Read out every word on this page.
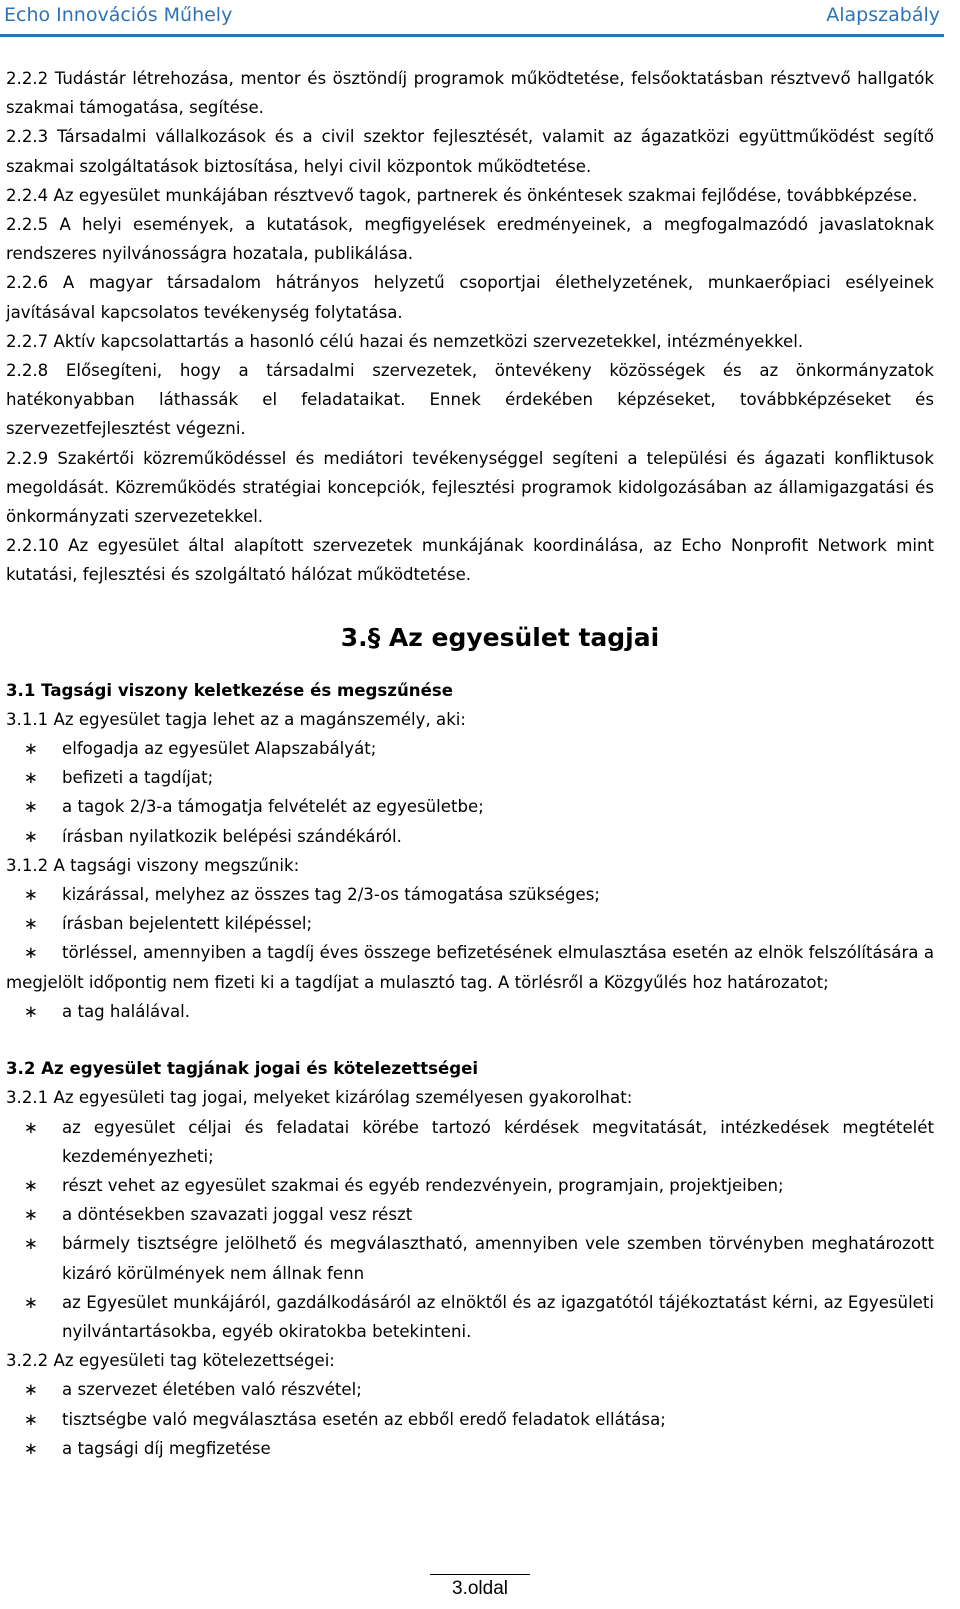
Echo Innovációs Műhely	Alapszabály

2.2.2 Tudástár létrehozása, mentor és ösztöndíj programok működtetése, felsőoktatásban résztvevő hallgatók szakmai támogatása, segítése.

2.2.3 Társadalmi vállalkozások és a civil szektor fejlesztését, valamit az ágazatközi együttműködést segítő szakmai szolgáltatások biztosítása, helyi civil központok működtetése.

2.2.4 Az egyesület munkájában résztvevő tagok, partnerek és önkéntesek szakmai fejlődése, továbbképzése.

2.2.5 A helyi események, a kutatások, megfigyelések eredményeinek, a megfogalmazódó javaslatoknak rendszeres nyilvánosságra hozatala, publikálása.

2.2.6 A magyar társadalom hátrányos helyzetű csoportjai élethelyzetének, munkaerőpiaci esélyeinek javításával kapcsolatos tevékenység folytatása.

2.2.7 Aktív kapcsolattartás a hasonló célú hazai és nemzetközi szervezetekkel, intézményekkel.

2.2.8 Elősegíteni, hogy a társadalmi szervezetek, öntevékeny közösségek és az önkormányzatok hatékonyabban láthassák el feladataikat. Ennek érdekében képzéseket, továbbképzéseket és szervezetfejlesztést végezni.

2.2.9 Szakértői közreműködéssel és mediátori tevékenységgel segíteni a települési és ágazati konfliktusok megoldását. Közreműködés stratégiai koncepciók, fejlesztési programok kidolgozásában az államigazgatási és önkormányzati szervezetekkel.

2.2.10 Az egyesület által alapított szervezetek munkájának koordinálása, az Echo Nonprofit Network mint kutatási, fejlesztési és szolgáltató hálózat működtetése.

3.§ Az egyesület tagjai

3.1 Tagsági viszony keletkezése és megszűnése

3.1.1 Az egyesület tagja lehet az a magánszemély, aki:

∗	elfogadja az egyesület Alapszabályát;
∗	befizeti a tagdíjat;
∗	a tagok 2/3-a támogatja felvételét az egyesületbe;
∗	írásban nyilatkozik belépési szándékáról.

3.1.2 A tagsági viszony megszűnik:

∗	kizárással, melyhez az összes tag 2/3-os támogatása szükséges;
∗	írásban bejelentett kilépéssel;

∗ törléssel, amennyiben a tagdíj éves összege befizetésének elmulasztása esetén az elnök felszólítására a megjelölt időpontig nem fizeti ki a tagdíjat a mulasztó tag. A törlésről a Közgyűlés hoz határozatot;

∗	a tag halálával.

3.2 Az egyesület tagjának jogai és kötelezettségei

3.2.1 Az egyesületi tag jogai, melyeket kizárólag személyesen gyakorolhat:

∗	az egyesület céljai és feladatai körébe tartozó kérdések megvitatását, intézkedések megtételét kezdeményezheti;
∗	részt vehet az egyesület szakmai és egyéb rendezvényein, programjain, projektjeiben;
∗	a döntésekben szavazati joggal vesz részt
∗	bármely tisztségre jelölhető és megválasztható, amennyiben vele szemben törvényben meghatározott kizáró körülmények nem állnak fenn
∗	az Egyesület munkájáról, gazdálkodásáról az elnöktől és az igazgatótól tájékoztatást kérni, az Egyesületi nyilvántartásokba, egyéb okiratokba betekinteni.

3.2.2 Az egyesületi tag kötelezettségei:

∗	a szervezet életében való részvétel;
∗	tisztségbe való megválasztása esetén az ebből eredő feladatok ellátása;
∗	a tagsági díj megfizetése
3.oldal
